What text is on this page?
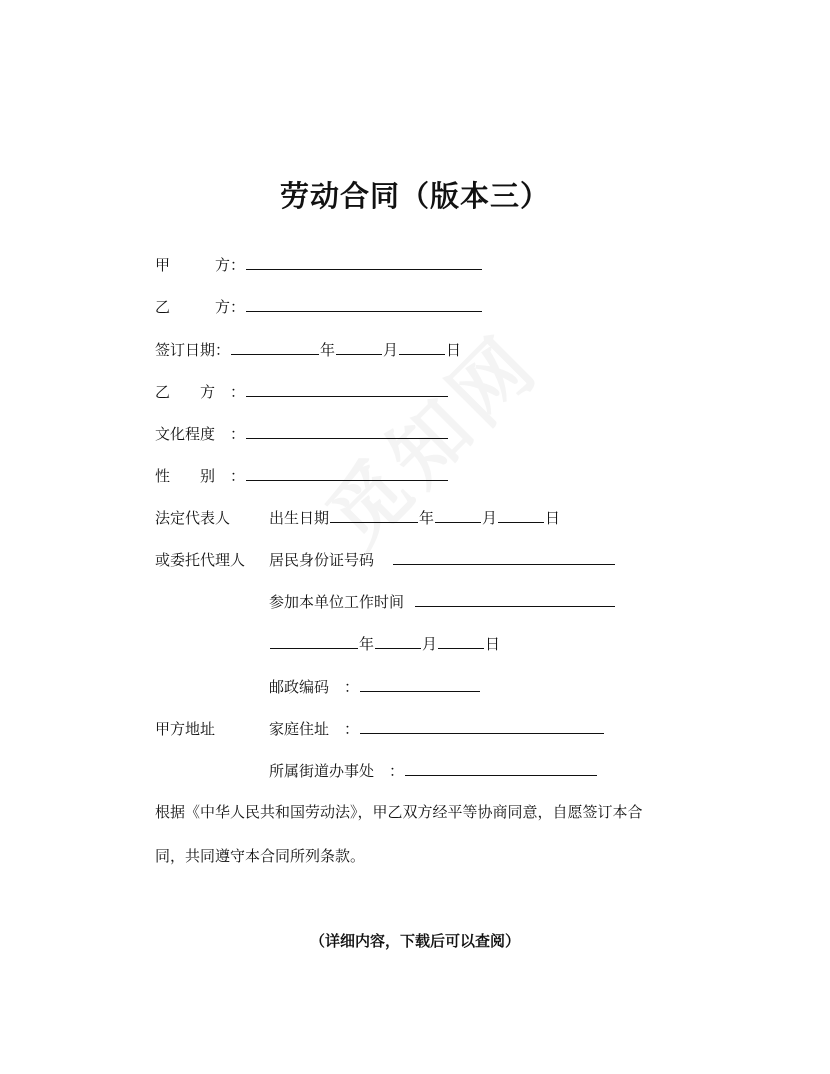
劳动合同（版本三）
甲　　　方：
乙　　　方：
签订日期：	年	月	日
乙　　方　：
文化程度　：
性　　别　：
法定代表人	出生日期	年	月	日
或委托代理人 居民身份证号码
参加本单位工作时间
年	月	日
邮政编码　：
甲方地址	家庭住址　：
所属街道办事处　：
根据《中华人民共和国劳动法》，甲乙双方经平等协商同意，自愿签订本合
同，共同遵守本合同所列条款。
（详细内容，下载后可以查阅）
